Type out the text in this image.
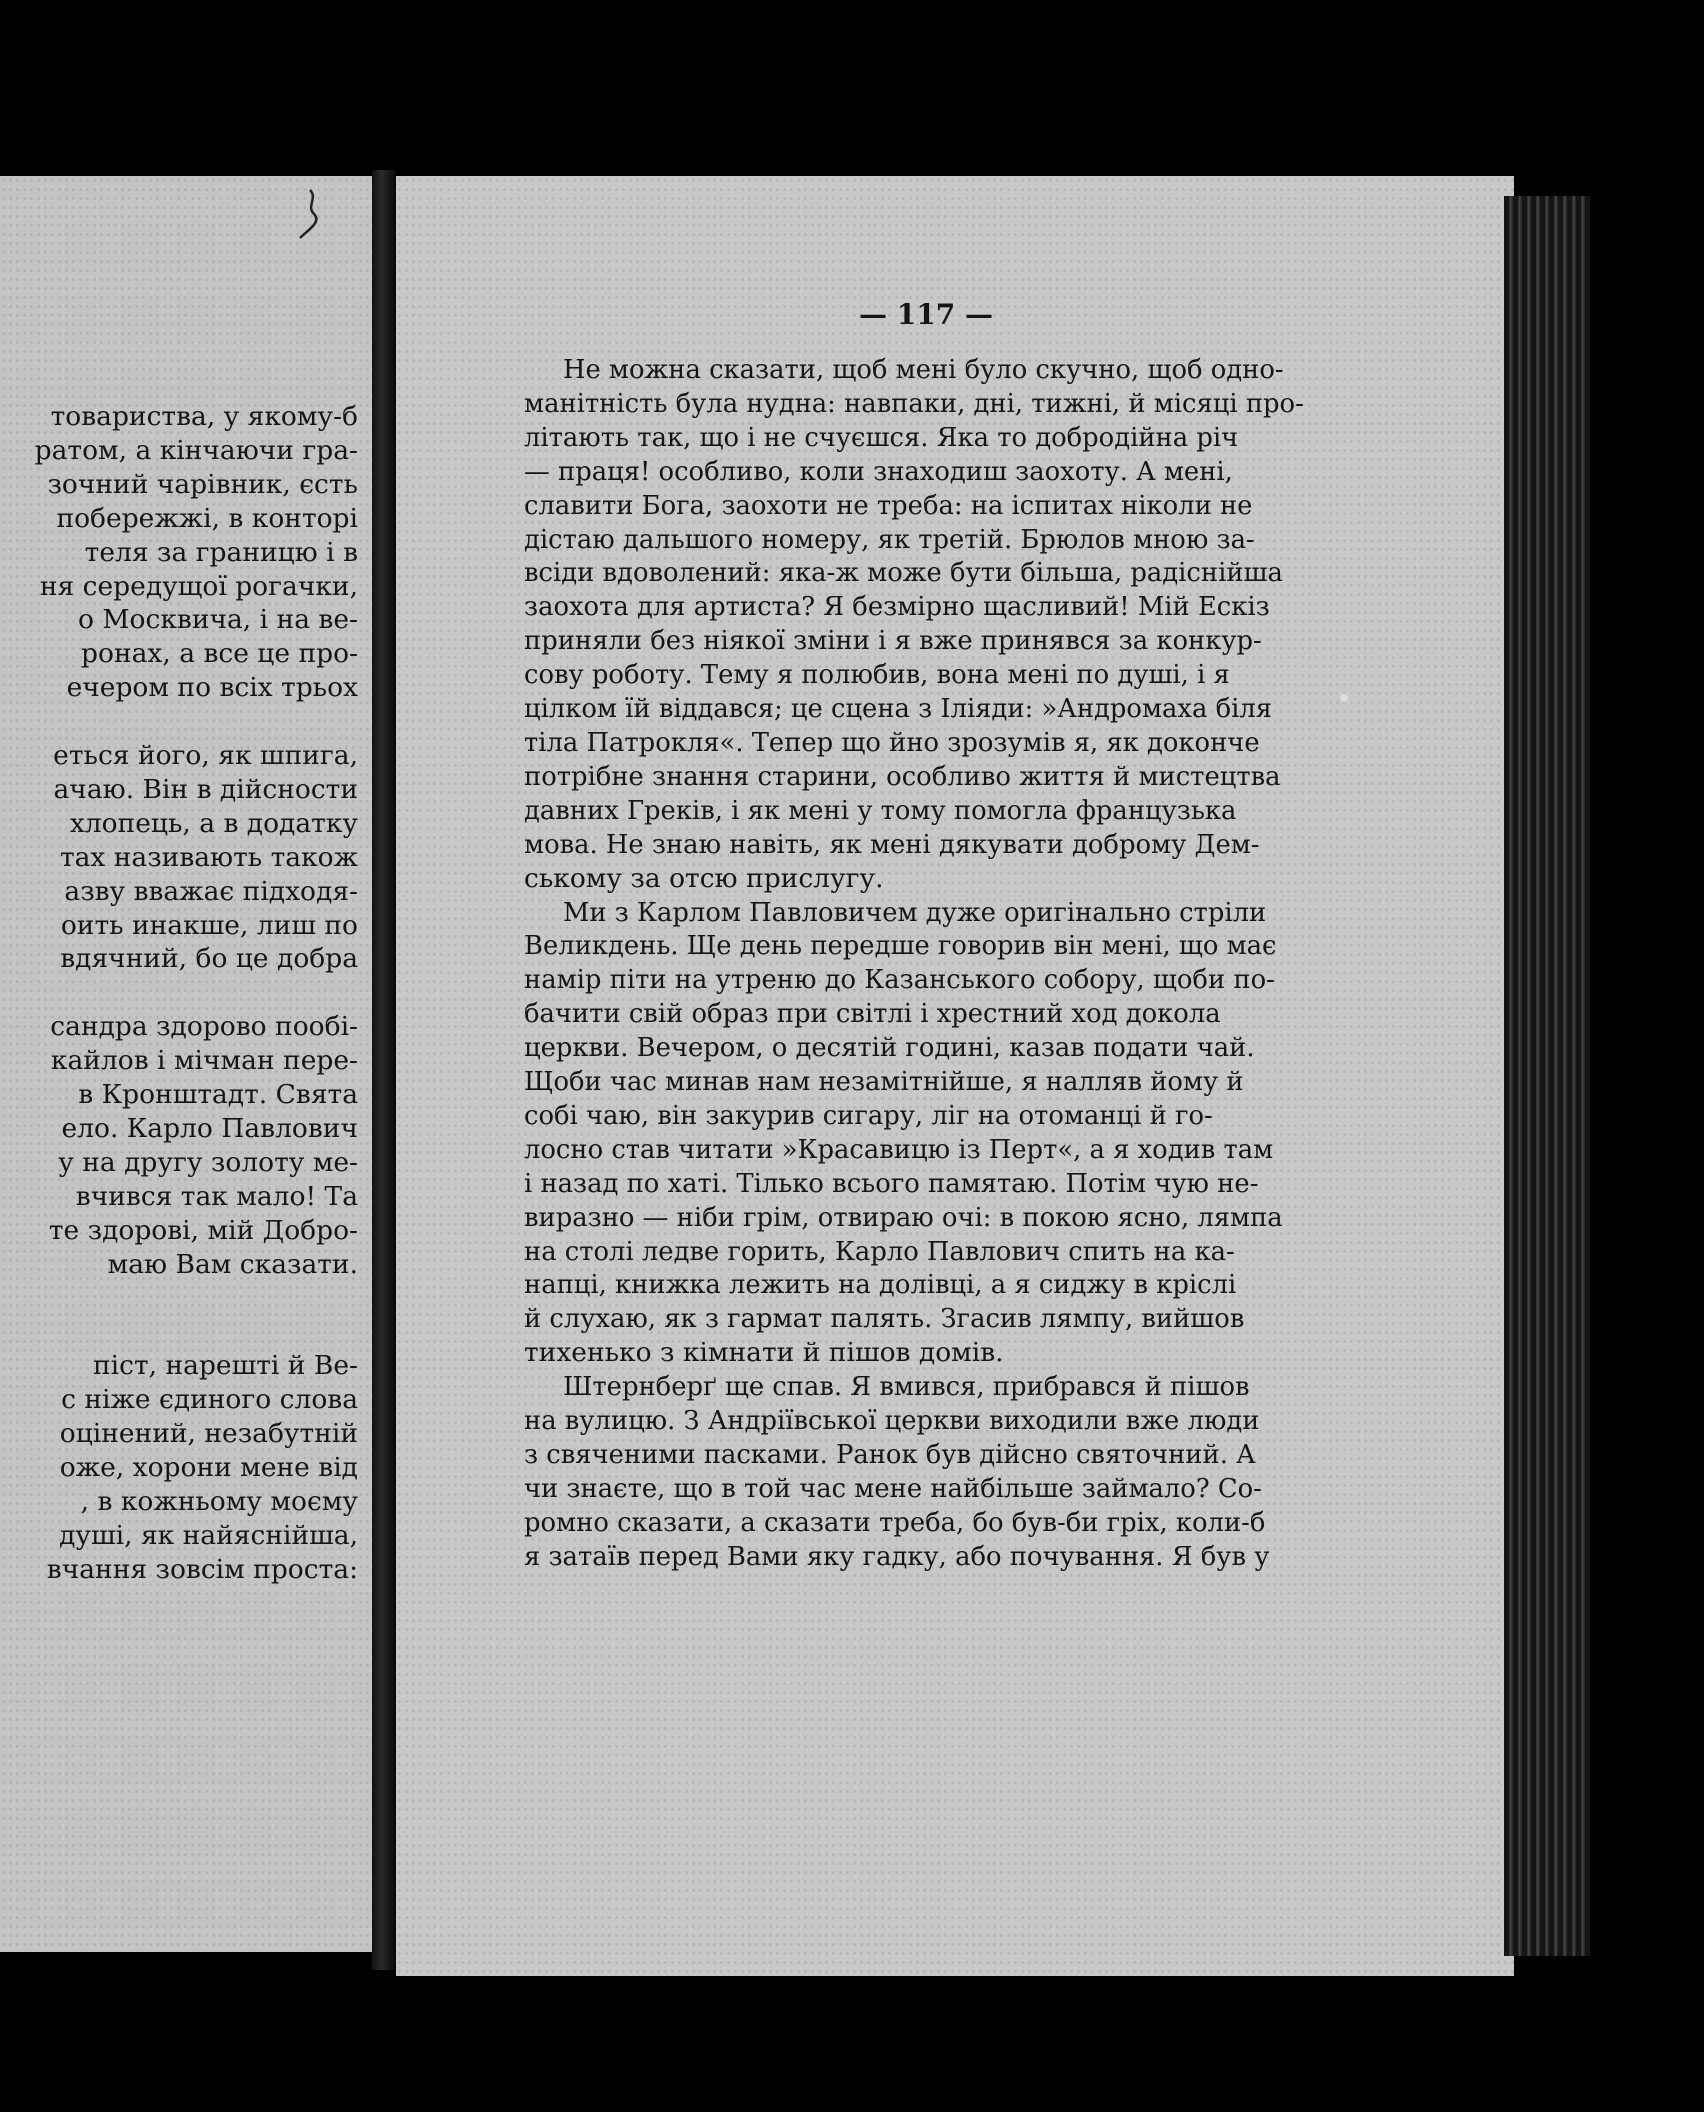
товариства, у якому-б
ратом, а кінчаючи гра-
зочний чарівник, єсть
побережжі, в конторі
теля за границю і в
ня середущої рогачки,
о Москвича, і на ве-
ронах, а все це про-
ечером по всіх трьох
еться його, як шпига,
ачаю. Він в дійсности
хлопець, а в додатку
тах називають також
азву вважає підходя-
оить инакше, лиш по
вдячний, бо це добра
сандра здорово пообі-
кайлов і мічман пере-
в Кронштадт. Свята
ело. Карло Павлович
у на другу золоту ме-
вчився так мало! Та
те здорові, мій Добро-
маю Вам сказати.
піст, нарешті й Ве-
с ніже єдиного слова
оцінений, незабутній
оже, хорони мене від
, в кожньому моєму
душі, як найяснійша,
вчання зовсім проста:
— 117 —
Не можна сказати, щоб мені було скучно, щоб одно-
манітність була нудна: навпаки, дні, тижні, й місяці про-
літають так, що і не счуєшся. Яка то добродійна річ
— праця! особливо, коли знаходиш заохоту. А мені,
славити Бога, заохоти не треба: на іспитах ніколи не
дістаю дальшого номеру, як третій. Брюлов мною за-
всіди вдоволений: яка-ж може бути більша, радіснійша
заохота для артиста? Я безмірно щасливий! Мій Ескіз
приняли без ніякої зміни і я вже принявся за конкур-
сову роботу. Тему я полюбив, вона мені по душі, і я
цілком їй віддався; це сцена з Іліяди: »Андромаха біля
тіла Патрокля«. Тепер що йно зрозумів я, як доконче
потрібне знання старини, особливо життя й мистецтва
давних Греків, і як мені у тому помогла французька
мова. Не знаю навіть, як мені дякувати доброму Дем-
ському за отсю прислугу.
Ми з Карлом Павловичем дуже оригінально стріли
Великдень. Ще день передше говорив він мені, що має
намір піти на утреню до Казанського собору, щоби по-
бачити свій образ при світлі і хрестний ход докола
церкви. Вечером, о десятій годині, казав подати чай.
Щоби час минав нам незамітнійше, я налляв йому й
собі чаю, він закурив сигару, ліг на отоманці й го-
лосно став читати »Красавицю із Перт«, а я ходив там
і назад по хаті. Тілько всього памятаю. Потім чую не-
виразно — ніби грім, отвираю очі: в покою ясно, лямпа
на столі ледве горить, Карло Павлович спить на ка-
напці, книжка лежить на долівці, а я сиджу в кріслі
й слухаю, як з гармат палять. Згасив лямпу, вийшов
тихенько з кімнати й пішов домів.
Штернберґ ще спав. Я вмився, прибрався й пішов
на вулицю. З Андріївської церкви виходили вже люди
з свяченими пасками. Ранок був дійсно святочний. А
чи знаєте, що в той час мене найбільше займало? Со-
ромно сказати, а сказати треба, бо був-би гріх, коли-б
я затаїв перед Вами яку гадку, або почування. Я був у
